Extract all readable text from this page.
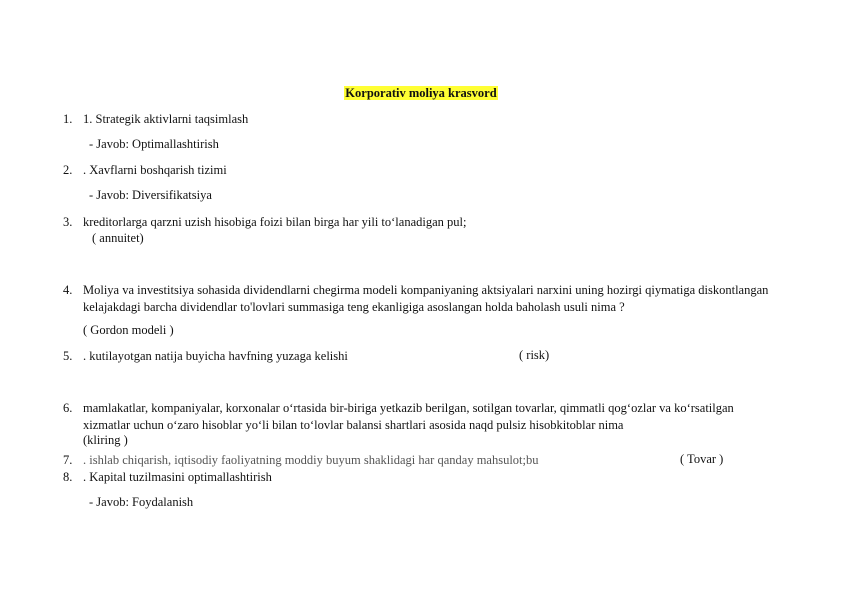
Korporativ moliya krasvord
1. 1. Strategik aktivlarni taqsimlash
- Javob: Optimallashtirish
2. . Xavflarni boshqarish tizimi
- Javob: Diversifikatsiya
3. kreditorlarga qarzni uzish hisobiga foizi bilan birga har yili to‘lanadigan pul;
( annuitet)
4. Moliya va investitsiya sohasida dividendlarni chegirma modeli kompaniyaning aktsiyalari narxini uning hozirgi qiymatiga diskontlangan kelajakdagi barcha dividendlar to'lovlari summasiga teng ekanligiga asoslangan holda baholash usuli nima ?
( Gordon modeli )
5. . kutilayotgan natija buyicha havfning yuzaga kelishi	( risk)
6. mamlakatlar, kompaniyalar, korxonalar o‘rtasida bir-biriga yetkazib berilgan, sotilgan tovarlar, qimmatli qog‘ozlar va ko‘rsatilgan xizmatlar uchun o‘zaro hisoblar yo‘li bilan to‘lovlar balansi shartlari asosida naqd pulsiz hisobkitoblar nima
(kliring )
7. . ishlab chiqarish, iqtisodiy faoliyatning moddiy buyum shaklidagi har qanday mahsulot;bu	( Tovar )
8. . Kapital tuzilmasini optimallashtirish
- Javob: Foydalanish
